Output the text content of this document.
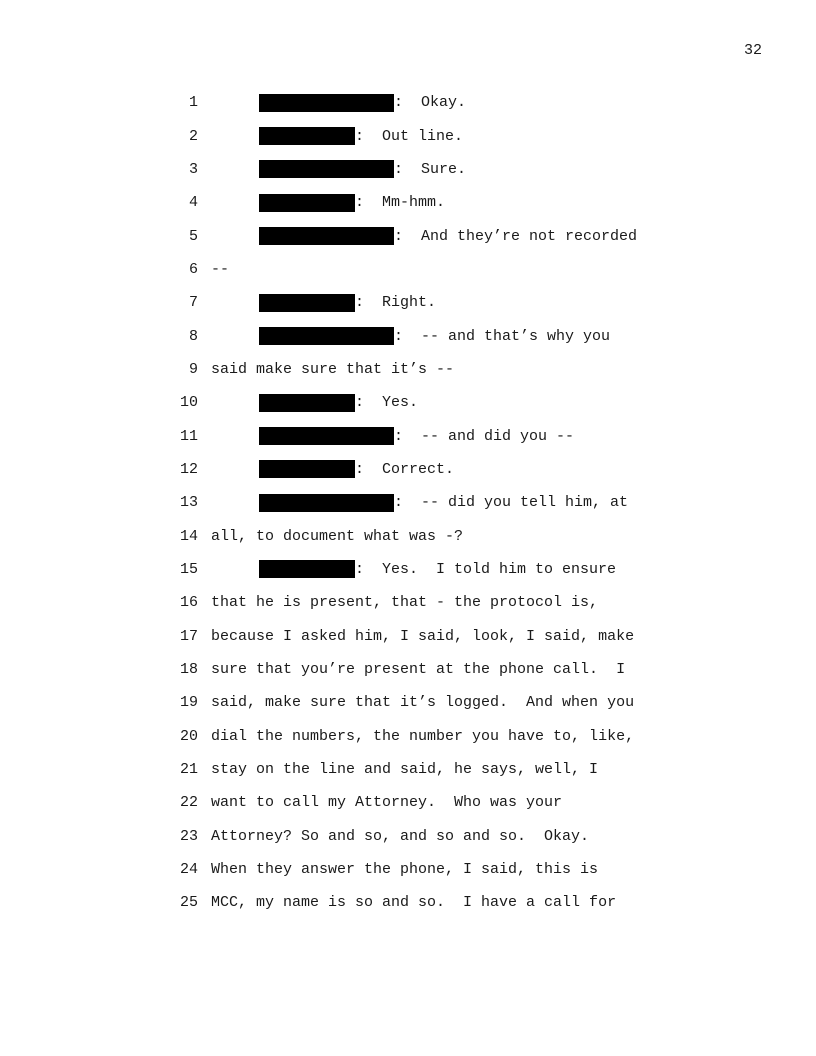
32
1	:  Okay.
2	:  Out line.
3	:  Sure.
4	:  Mm-hmm.
5	:  And they’re not recorded
6 --
7	:  Right.
8	:  -- and that’s why you
9 said make sure that it’s --
10	:  Yes.
11	:  -- and did you --
12	:  Correct.
13	:  -- did you tell him, at
14 all, to document what was -?
15	:  Yes.  I told him to ensure
16 that he is present, that - the protocol is,
17 because I asked him, I said, look, I said, make
18 sure that you’re present at the phone call.  I
19 said, make sure that it’s logged.  And when you
20 dial the numbers, the number you have to, like,
21 stay on the line and said, he says, well, I
22 want to call my Attorney.  Who was your
23 Attorney? So and so, and so and so.  Okay.
24 When they answer the phone, I said, this is
25 MCC, my name is so and so.  I have a call for
